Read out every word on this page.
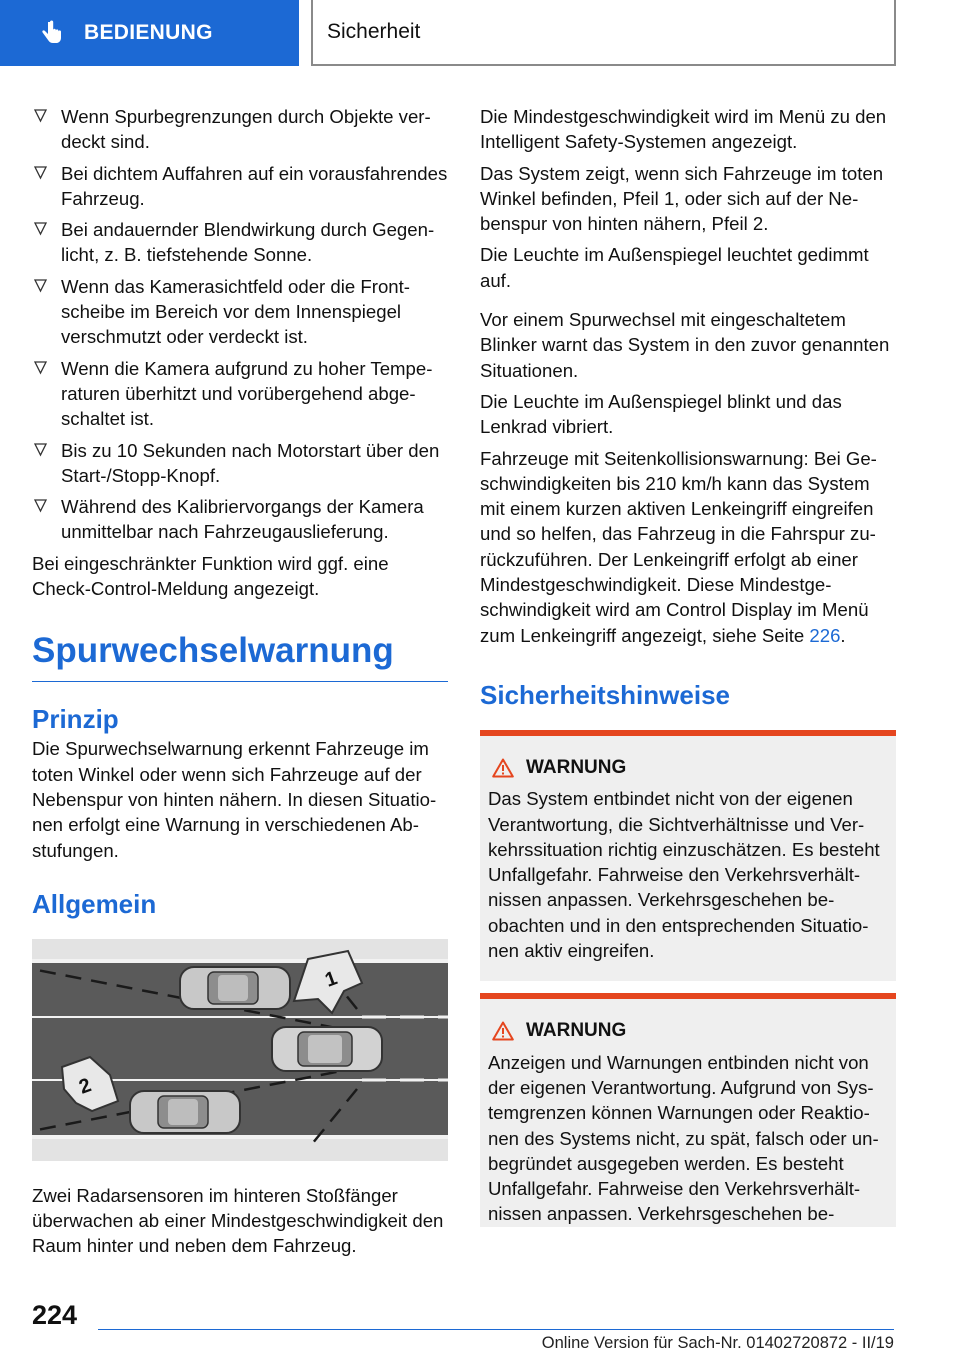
BEDIENUNG	Sicherheit
Wenn Spurbegrenzungen durch Objekte verdeckt sind.
Bei dichtem Auffahren auf ein vorausfahrendes Fahrzeug.
Bei andauernder Blendwirkung durch Gegenlicht, z. B. tiefstehende Sonne.
Wenn das Kamerasichtfeld oder die Frontscheibe im Bereich vor dem Innenspiegel verschmutzt oder verdeckt ist.
Wenn die Kamera aufgrund zu hoher Temperaturen überhitzt und vorübergehend abgeschaltet ist.
Bis zu 10 Sekunden nach Motorstart über den Start-/Stopp-Knopf.
Während des Kalibriervorgangs der Kamera unmittelbar nach Fahrzeugauslieferung.

Bei eingeschränkter Funktion wird ggf. eine Check-Control-Meldung angezeigt.

Spurwechselwarnung
Prinzip

Die Spurwechselwarnung erkennt Fahrzeuge im toten Winkel oder wenn sich Fahrzeuge auf der Nebenspur von hinten nähern. In diesen Situationen erfolgt eine Warnung in verschiedenen Abstufungen.

Allgemein
1
2

Zwei Radarsensoren im hinteren Stoßfänger überwachen ab einer Mindestgeschwindigkeit den Raum hinter und neben dem Fahrzeug.

Die Mindestgeschwindigkeit wird im Menü zu den Intelligent Safety-Systemen angezeigt.

Das System zeigt, wenn sich Fahrzeuge im toten Winkel befinden, Pfeil 1, oder sich auf der Nebenspur von hinten nähern, Pfeil 2.

Die Leuchte im Außenspiegel leuchtet gedimmt auf.

Vor einem Spurwechsel mit eingeschaltetem Blinker warnt das System in den zuvor genannten Situationen.

Die Leuchte im Außenspiegel blinkt und das Lenkrad vibriert.

Fahrzeuge mit Seitenkollisionswarnung: Bei Geschwindigkeiten bis 210 km/h kann das System mit einem kurzen aktiven Lenkeingriff eingreifen und so helfen, das Fahrzeug in die Fahrspur zurückzuführen. Der Lenkeingriff erfolgt ab einer Mindestgeschwindigkeit. Diese Mindestgeschwindigkeit wird am Control Display im Menü zum Lenkeingriff angezeigt, siehe Seite 226.

Sicherheitshinweise
WARNUNG
Das System entbindet nicht von der eigenen Verantwortung, die Sichtverhältnisse und Verkehrssituation richtig einzuschätzen. Es besteht Unfallgefahr. Fahrweise den Verkehrsverhältnissen anpassen. Verkehrsgeschehen beobachten und in den entsprechenden Situationen aktiv eingreifen.
WARNUNG
Anzeigen und Warnungen entbinden nicht von der eigenen Verantwortung. Aufgrund von Systemgrenzen können Warnungen oder Reaktionen des Systems nicht, zu spät, falsch oder unbegründet ausgegeben werden. Es besteht Unfallgefahr. Fahrweise den Verkehrsverhältnissen anpassen. Verkehrsgeschehen be-
224
Online Version für Sach-Nr. 01402720872 - II/19
